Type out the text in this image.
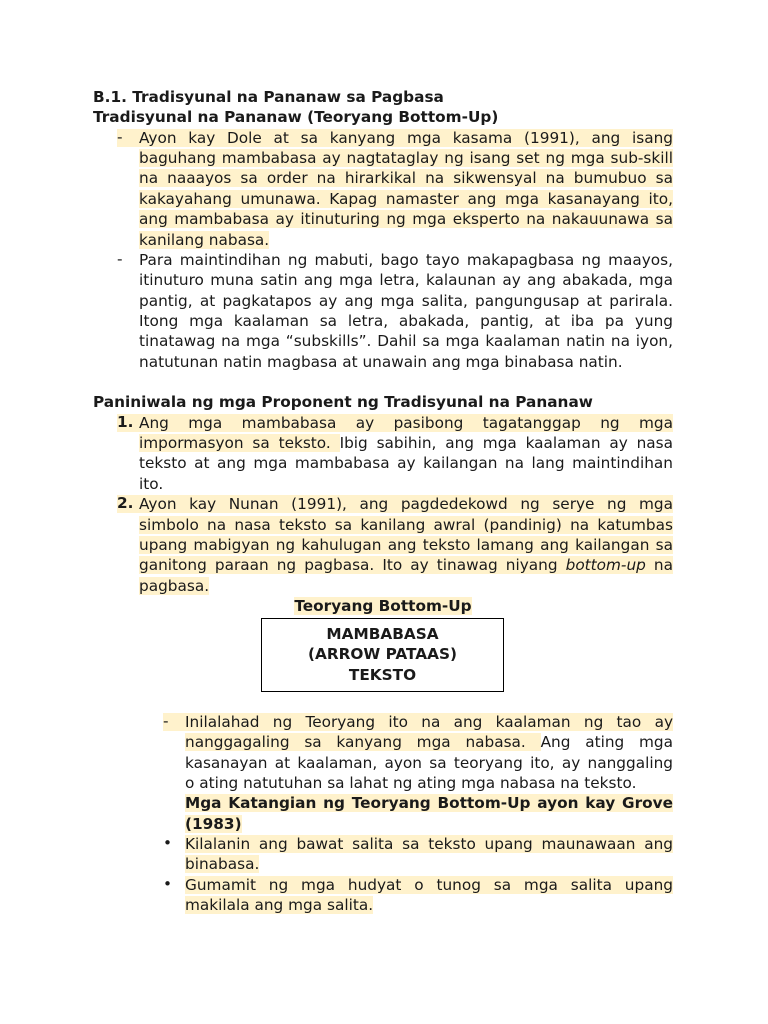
B.1. Tradisyunal na Pananaw sa Pagbasa
Tradisyunal na Pananaw (Teoryang Bottom-Up)
-	Ayon kay Dole at sa kanyang mga kasama (1991), ang isang
baguhang mambabasa ay nagtataglay ng isang set ng mga sub-skill
na naaayos sa order na hirarkikal na sikwensyal na bumubuo sa
kakayahang umunawa. Kapag namaster ang mga kasanayang ito,
ang mambabasa ay itinuturing ng mga eksperto na nakauunawa sa
kanilang nabasa.
-	Para maintindihan ng mabuti, bago tayo makapagbasa ng maayos,
itinuturo muna satin ang mga letra, kalaunan ay ang abakada, mga
pantig, at pagkatapos ay ang mga salita, pangungusap at parirala.
Itong mga kaalaman sa letra, abakada, pantig, at iba pa yung
tinatawag na mga “subskills”. Dahil sa mga kaalaman natin na iyon,
natutunan natin magbasa at unawain ang mga binabasa natin.
Paniniwala ng mga Proponent ng Tradisyunal na Pananaw
1. Ang mga mambabasa ay pasibong tagatanggap ng mga
impormasyon sa teksto. Ibig sabihin, ang mga kaalaman ay nasa
teksto at ang mga mambabasa ay kailangan na lang maintindihan
ito.
2. Ayon kay Nunan (1991), ang pagdedekowd ng serye ng mga
simbolo na nasa teksto sa kanilang awral (pandinig) na katumbas
upang mabigyan ng kahulugan ang teksto lamang ang kailangan sa
ganitong paraan ng pagbasa. Ito ay tinawag niyang bottom-up na
pagbasa.
Teoryang Bottom-Up
MAMBABASA
(ARROW PATAAS)
TEKSTO
-	Inilalahad ng Teoryang ito na ang kaalaman ng tao ay
nanggagaling sa kanyang mga nabasa. Ang ating mga
kasanayan at kaalaman, ayon sa teoryang ito, ay nanggaling
o ating natutuhan sa lahat ng ating mga nabasa na teksto.
Mga Katangian ng Teoryang Bottom-Up ayon kay Grove
(1983)
• Kilalanin ang bawat salita sa teksto upang maunawaan ang
binabasa.
• Gumamit ng mga hudyat o tunog sa mga salita upang
makilala ang mga salita.
